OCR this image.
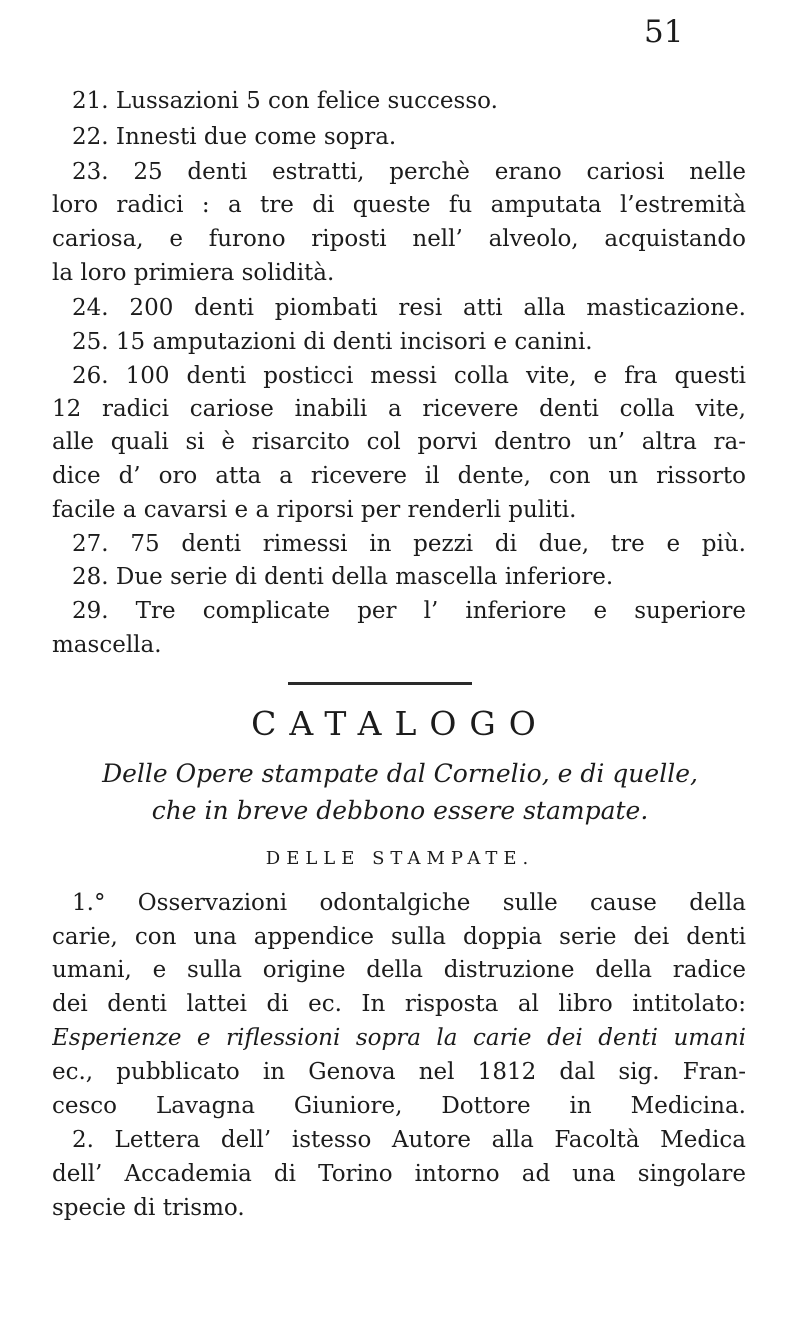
51
21. Lussazioni 5 con felice successo.
22. Innesti due come sopra.
23. 25 denti estratti, perchè erano cariosi nelle
loro radici : a tre di queste fu amputata l’estremità
cariosa, e furono riposti nell’ alveolo, acquistando
la loro primiera solidità.
24. 200 denti piombati resi atti alla masticazione.
25. 15 amputazioni di denti incisori e canini.
26. 100 denti posticci messi colla vite, e fra questi
12 radici cariose inabili a ricevere denti colla vite,
alle quali si è risarcito col porvi dentro un’ altra ra-
dice d’ oro atta a ricevere il dente, con un rissorto
facile a cavarsi e a riporsi per renderli puliti.
27. 75 denti rimessi in pezzi di due, tre e più.
28. Due serie di denti della mascella inferiore.
29. Tre complicate per l’ inferiore e superiore
mascella.
CATALOGO
Delle Opere stampate dal Cornelio, e di quelle,
che in breve debbono essere stampate.
DELLE STAMPATE.
1.° Osservazioni odontalgiche sulle cause della
carie, con una appendice sulla doppia serie dei denti
umani, e sulla origine della distruzione della radice
dei denti lattei di ec. In risposta al libro intitolato:
Esperienze e riflessioni sopra la carie dei denti umani
ec., pubblicato in Genova nel 1812 dal sig. Fran-
cesco Lavagna Giuniore, Dottore in Medicina.
2. Lettera dell’ istesso Autore alla Facoltà Medica
dell’ Accademia di Torino intorno ad una singolare
specie di trismo.
